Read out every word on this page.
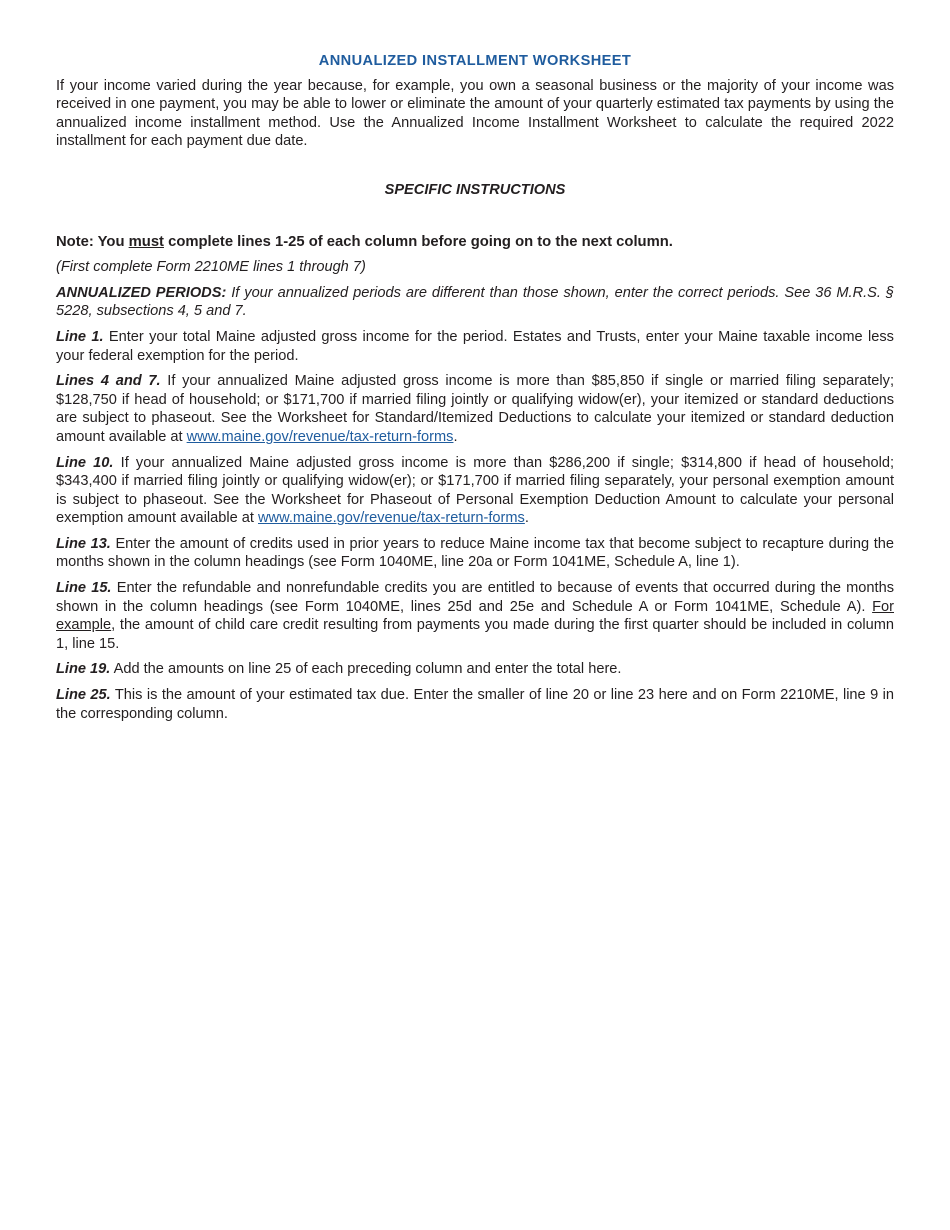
ANNUALIZED INSTALLMENT WORKSHEET

If your income varied during the year because, for example, you own a seasonal business or the majority of your income was received in one payment, you may be able to lower or eliminate the amount of your quarterly estimated tax payments by using the annualized income installment method. Use the Annualized Income Installment Worksheet to calculate the required 2022 installment for each payment due date.

SPECIFIC INSTRUCTIONS

Note: You must complete lines 1-25 of each column before going on to the next column.

(First complete Form 2210ME lines 1 through 7)

ANNUALIZED PERIODS: If your annualized periods are different than those shown, enter the correct periods. See 36 M.R.S. § 5228, subsections 4, 5 and 7.

Line 1. Enter your total Maine adjusted gross income for the period. Estates and Trusts, enter your Maine taxable income less your federal exemption for the period.

Lines 4 and 7. If your annualized Maine adjusted gross income is more than $85,850 if single or married filing separately; $128,750 if head of household; or $171,700 if married filing jointly or qualifying widow(er), your itemized or standard deductions are subject to phaseout. See the Worksheet for Standard/Itemized Deductions to calculate your itemized or standard deduction amount available at www.maine.gov/revenue/tax-return-forms.

Line 10. If your annualized Maine adjusted gross income is more than $286,200 if single; $314,800 if head of household; $343,400 if married filing jointly or qualifying widow(er); or $171,700 if married filing separately, your personal exemption amount is subject to phaseout. See the Worksheet for Phaseout of Personal Exemption Deduction Amount to calculate your personal exemption amount available at www.maine.gov/revenue/tax-return-forms.

Line 13. Enter the amount of credits used in prior years to reduce Maine income tax that become subject to recapture during the months shown in the column headings (see Form 1040ME, line 20a or Form 1041ME, Schedule A, line 1).

Line 15. Enter the refundable and nonrefundable credits you are entitled to because of events that occurred during the months shown in the column headings (see Form 1040ME, lines 25d and 25e and Schedule A or Form 1041ME, Schedule A). For example, the amount of child care credit resulting from payments you made during the first quarter should be included in column 1, line 15.

Line 19. Add the amounts on line 25 of each preceding column and enter the total here.

Line 25. This is the amount of your estimated tax due. Enter the smaller of line 20 or line 23 here and on Form 2210ME, line 9 in the corresponding column.
